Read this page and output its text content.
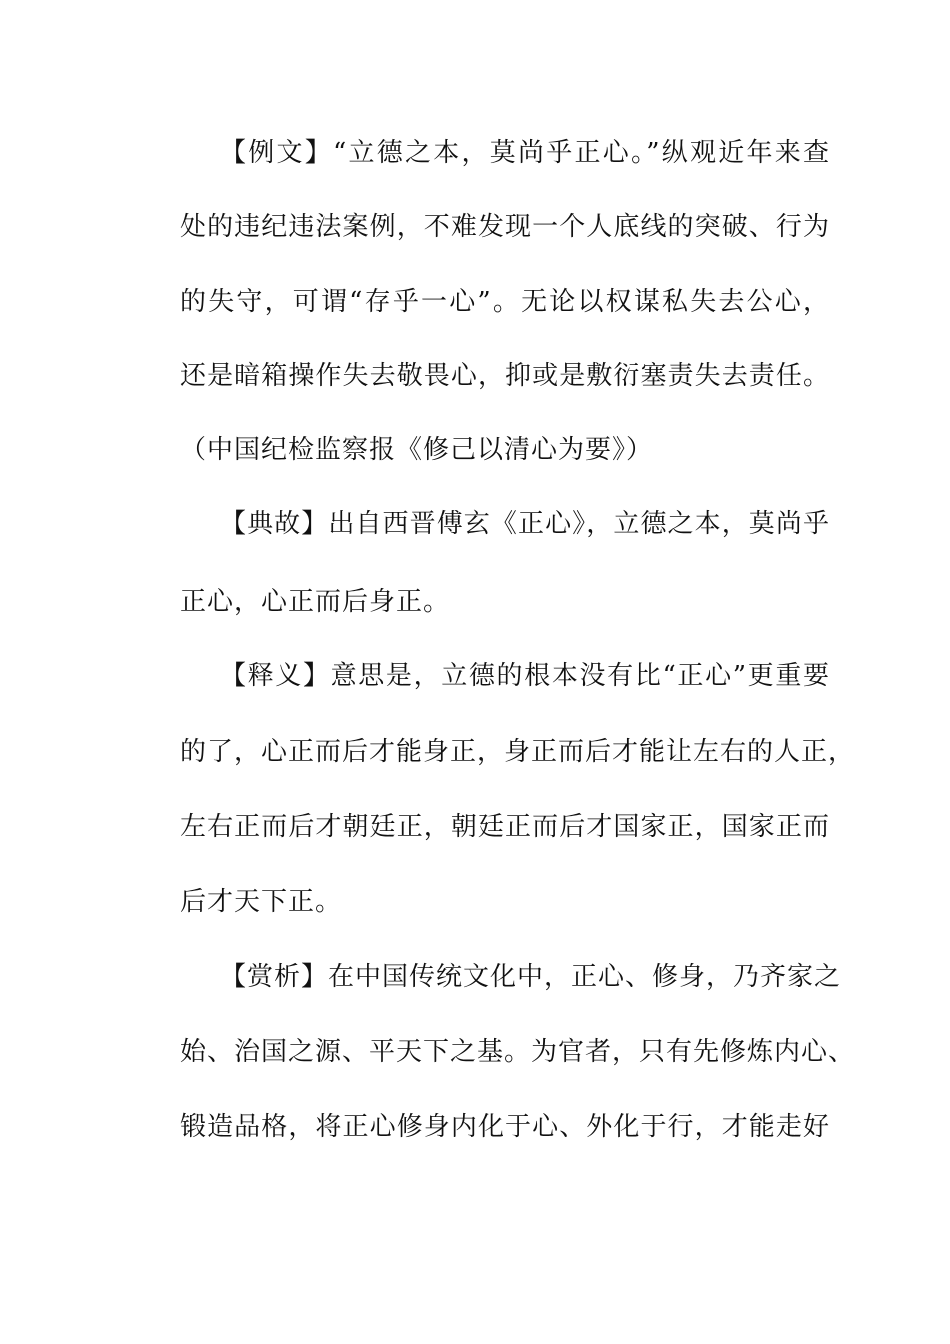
【例文】“立德之本，莫尚乎正心。”纵观近年来查
处的违纪违法案例，不难发现一个人底线的突破、行为
的失守，可谓“存乎一心”。无论以权谋私失去公心，
还是暗箱操作失去敬畏心，抑或是敷衍塞责失去责任。
（中国纪检监察报《修己以清心为要》）
【典故】出自西晋傅玄《正心》，立德之本，莫尚乎
正心，心正而后身正。
【释义】意思是，立德的根本没有比“正心”更重要
的了，心正而后才能身正，身正而后才能让左右的人正，
左右正而后才朝廷正，朝廷正而后才国家正，国家正而
后才天下正。
【赏析】在中国传统文化中，正心、修身，乃齐家之
始、治国之源、平天下之基。为官者，只有先修炼内心、
锻造品格，将正心修身内化于心、外化于行，才能走好
